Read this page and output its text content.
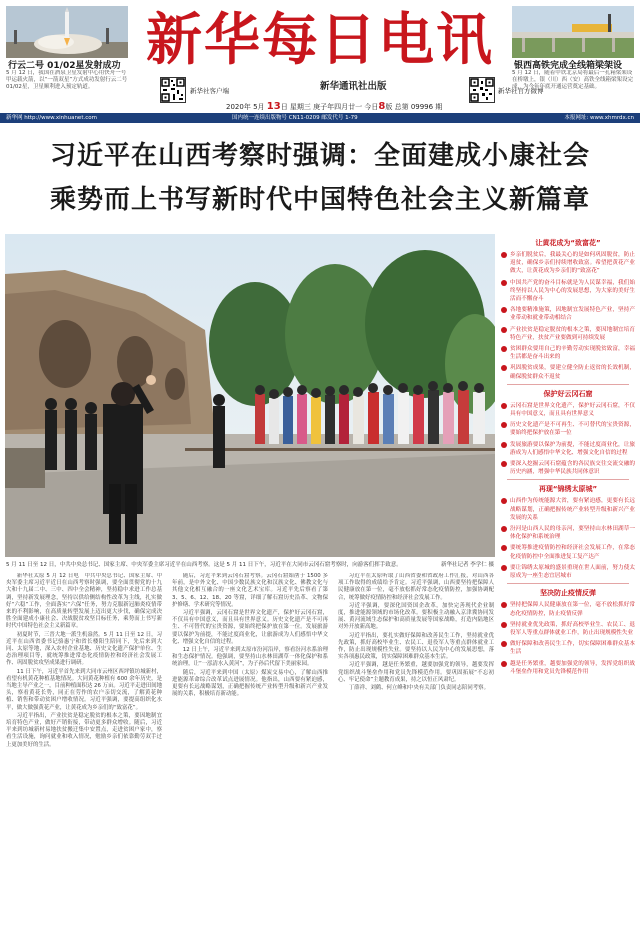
行云二号 01/02星发射成功
5 月 12 日，我国在酒泉卫星发射中心用快舟一号甲运载火箭，以“一箭双星”方式成功发射行云二号01/02星，卫星顺利进入预定轨道。
新华每日电讯	银西高铁完成全线箱梁架设
5 月 12 日，随着中铁北京局将最后一孔箱梁架设在桥墩上，银（川）西（安）高铁全线箱梁架设完成，为今年年底开通运营奠定基础。
新华社客户端	新华通讯社出版	新华社官方微博
2020年 5月 13日 星期三 庚子年四月廿一 今日8版 总第 09996 期
新华网 http://www.xinhuanet.com	国内统一连续出版物号 CN11-0209 邮发代号 1-79	本报网址: www.xhmrdx.cn
习近平在山西考察时强调：全面建成小康社会
乘势而上书写新时代中国特色社会主义新篇章
5 月 11 日至 12 日，中共中央总书记、国家主席、中央军委主席习近平在山西考察。这是 5 月 11 日下午，习近平在大同市云冈石窟考察时，向游客们挥手致意。	新华社记者 李学仁 摄

新华社太原 5 月 12 日电　中共中央总书记、国家主席、中央军委主席习近平近日在山西考察时强调，要全面贯彻党的十九大和十九届二中、三中、四中全会精神，坚持稳中求进工作总基调，坚持新发展理念，坚持以供给侧结构性改革为主线，扎实做好“六稳”工作，全面落实“六保”任务，努力克服新冠肺炎疫情带来的不利影响，在高质量转型发展上迈出更大步伐，确保完成决胜全面建成小康社会、决战脱贫攻坚目标任务，乘势而上书写新时代中国特色社会主义新篇章。

初夏时节，三晋大地一派生机盎然。5 月 11 日至 12 日，习近平在山西省委书记骆惠宁和省长楼阳生陪同下，先后来到大同、太原等地，深入农村企业基地、历史文化遗产保护单位、生态治理项目等，就统筹推进常态化疫情防控和经济社会发展工作、巩固脱贫攻坚成果进行调研。

11 日下午，习近平首先来到大同市云州区西坪镇坊城新村，看望有机黄花种植基地情况。大同黄花种植有 600 余年历史，是当地主导产业之一，目前种植面积达 26 万亩。习近平走进田间地头，察看黄花长势，同正在劳作的农户亲切交流，了解黄花种植、销售和带动贫困户增收情况。习近平强调，要提高组织化水平，做大做强黄花产业，让黄花成为乡亲们的“致富花”。

习近平指出，产业扶贫是稳定脱贫的根本之策，要因地制宜培育特色产业，做好产销衔接，带动更多群众增收。随后，习近平来到坊城新村易地扶贫搬迁集中安置点，走进贫困户家中，察看生活设施，询问就业和收入情况，勉励乡亲们依靠勤劳双手过上更加美好的生活。

随后，习近平来到云冈石窟考察。云冈石窟始凿于 1500 多年前，是中外文化、中国少数民族文化和汉族文化、佛教文化与其他文化相互融合的一座文化艺术宝库。习近平先后察看了第 3、5、6、12、18、20 等窟，详细了解石窟历史沿革、文物保护修缮、学术研究等情况。

习近平强调，云冈石窟是世界文化遗产，保护好云冈石窟，不仅具有中国意义，而且具有世界意义。历史文化遗产是不可再生、不可替代的宝贵资源，要始终把保护放在第一位。发展旅游要以保护为前提，不能过度商业化，让旅游成为人们感悟中华文化、增强文化自信的过程。

12 日上午，习近平来到太原市汾河沿岸，察看汾河水系治理和生态保护情况。他强调，要坚持山水林田湖草一体化保护和系统治理，让“一泓清水入黄河”，为子孙后代留下美丽家园。

随后，习近平来到中国（太原）煤炭交易中心，了解山西推进能源革命综合改革试点进展情况。他指出，山西要有紧迫感，更要有长远战略谋划，正确把握传统产业转型升级和新兴产业发展的关系，积极培育新动能。

习近平在太原听取了山西省委和省政府工作汇报，对山西各项工作取得的成绩给予肯定。习近平强调，山西要坚持把保障人民健康放在第一位，毫不放松抓好常态化疫情防控，加强协调配合，统筹做好疫情防控和经济社会发展工作。

习近平强调，要深化国资国企改革，加快完善现代企业制度，推进能源领域的市场化改革。要积极主动融入京津冀协同发展、黄河流域生态保护和高质量发展等国家战略，打造内陆地区对外开放新高地。

习近平指出，要扎实做好保障和改善民生工作，坚持就业优先政策，抓好高校毕业生、农民工、退役军人等重点群体就业工作，防止出现规模性失业。要坚持以人民为中心的发展思想，落实各项惠民政策，切实保障困难群众基本生活。

习近平强调，越是任务繁重，越要加强党的领导，越要发挥党组织战斗堡垒作用和党员先锋模范作用。要巩固拓展“不忘初心、牢记使命”主题教育成果，持之以恒正风肃纪。

丁薛祥、刘鹤、何立峰和中央有关部门负责同志陪同考察。

让黄花成为“致富花”
乡亲们脱贫后，我最关心的是如何巩固脱贫，防止返贫，确保乡亲们持续增收致富。希望把黄花产业做大，让黄花成为乡亲们的“致富花”
中国共产党的奋斗目标就是为人民谋幸福，我们始终坚持以人民为中心的发展思想，为大家的美好生活而不懈奋斗
各地要精准施策，因地制宜发展特色产业，坚持产业带动和就业带动相结合
产业扶贫是稳定脱贫的根本之策，要因地制宜培育特色产业，扶贫产业要做到可持续发展
贫困群众要用自己的辛勤劳动实现脱贫致富，幸福生活都是奋斗出来的
巩固脱贫成果，要建立健全防止返贫的长效机制，确保脱贫群众不返贫
保护好云冈石窟
云冈石窟是世界文化遗产，保护好云冈石窟，不仅具有中国意义，而且具有世界意义
历史文化遗产是不可再生、不可替代的宝贵资源，要始终把保护放在第一位
发展旅游要以保护为前提，不能过度商业化，让旅游成为人们感悟中华文化、增强文化自信的过程
要深入挖掘云冈石窟蕴含的各民族交往交流交融的历史内涵，增强中华民族共同体意识
再现“锦绣太原城”
山西作为传统能源大省，要有紧迫感，更要有长远战略谋划，正确把握传统产业转型升级和新兴产业发展的关系
汾河是山西人民的母亲河，要坚持山水林田湖草一体化保护和系统治理
要统筹推进疫情防控和经济社会发展工作，在常态化疫情防控中全面推进复工复产达产
要让锦绣太原城的盛景重现在世人面前，努力使太原成为一座生态宜居城市
坚决防止疫情反弹
坚持把保障人民健康放在第一位，毫不放松抓好常态化疫情防控，防止疫情反弹
坚持就业优先政策，抓好高校毕业生、农民工、退役军人等重点群体就业工作，防止出现规模性失业
做好保障和改善民生工作，切实保障困难群众基本生活
越是任务繁重，越要加强党的领导，发挥党组织战斗堡垒作用和党员先锋模范作用
